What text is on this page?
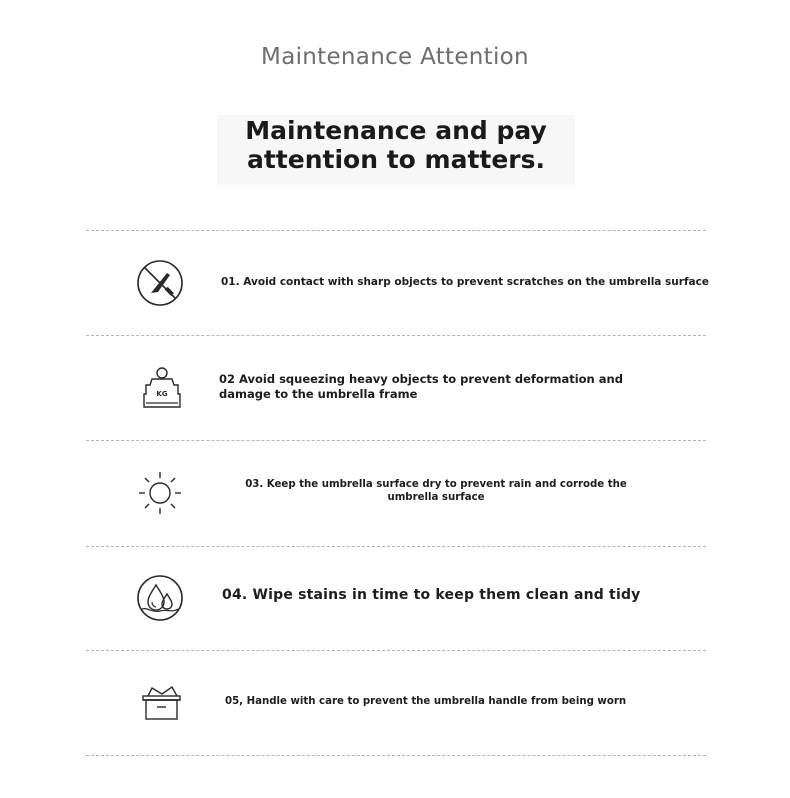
Maintenance Attention
Maintenance and pay
attention to matters.
01. Avoid contact with sharp objects to prevent scratches on the umbrella surface
KG
02 Avoid squeezing heavy objects to prevent deformation and damage to the umbrella frame
03. Keep the umbrella surface dry to prevent rain and corrode the umbrella surface
04. Wipe stains in time to keep them clean and tidy
05, Handle with care to prevent the umbrella handle from being worn
